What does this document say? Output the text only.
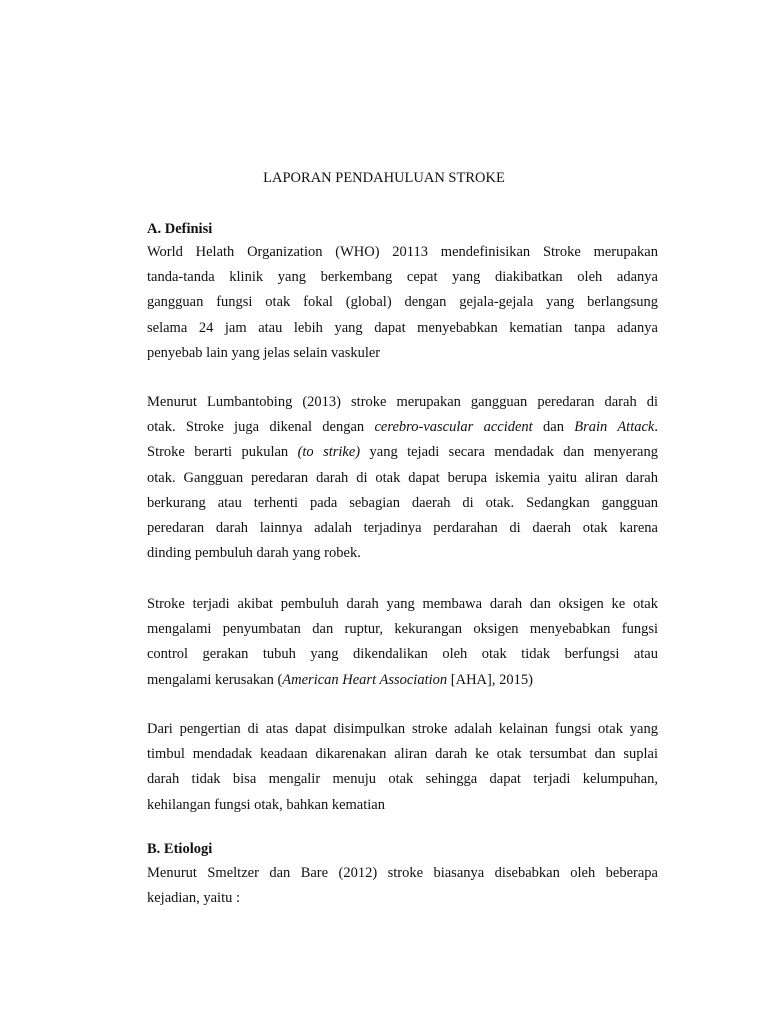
LAPORAN PENDAHULUAN STROKE
A. Definisi
World Helath Organization (WHO) 20113 mendefinisikan Stroke merupakan
tanda-tanda klinik yang berkembang cepat yang diakibatkan oleh adanya
gangguan fungsi otak fokal (global) dengan gejala-gejala yang berlangsung
selama 24 jam atau lebih yang dapat menyebabkan kematian tanpa adanya
penyebab lain yang jelas selain vaskuler
Menurut Lumbantobing (2013) stroke merupakan gangguan peredaran darah di
otak. Stroke juga dikenal dengan cerebro-vascular accident dan Brain Attack.
Stroke berarti pukulan (to strike) yang tejadi secara mendadak dan menyerang
otak. Gangguan peredaran darah di otak dapat berupa iskemia yaitu aliran darah
berkurang atau terhenti pada sebagian daerah di otak. Sedangkan gangguan
peredaran darah lainnya adalah terjadinya perdarahan di daerah otak karena
dinding pembuluh darah yang robek.
Stroke terjadi akibat pembuluh darah yang membawa darah dan oksigen ke otak
mengalami penyumbatan dan ruptur, kekurangan oksigen menyebabkan fungsi
control gerakan tubuh yang dikendalikan oleh otak tidak berfungsi atau
mengalami kerusakan (American Heart Association [AHA], 2015)
Dari pengertian di atas dapat disimpulkan stroke adalah kelainan fungsi otak yang
timbul mendadak keadaan dikarenakan aliran darah ke otak tersumbat dan suplai
darah tidak bisa mengalir menuju otak sehingga dapat terjadi kelumpuhan,
kehilangan fungsi otak, bahkan kematian
B. Etiologi
Menurut Smeltzer dan Bare (2012) stroke biasanya disebabkan oleh beberapa
kejadian, yaitu :
